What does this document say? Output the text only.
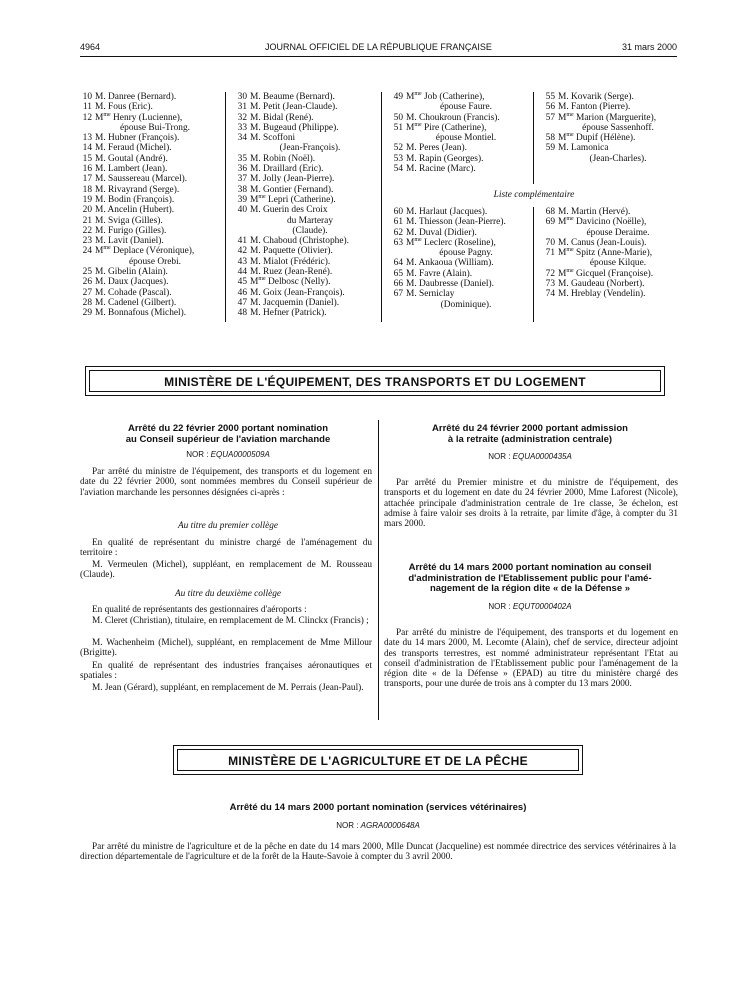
4964	JOURNAL OFFICIEL DE LA RÉPUBLIQUE FRANÇAISE	31 mars 2000
10 M. Danree (Bernard).
11 M. Fous (Eric).
12 $M^{me}$ Henry (Lucienne),
épouse Bui-Trong.
13 M. Hubner (François).
14 M. Feraud (Michel).
15 M. Goutal (André).
16 M. Lambert (Jean).
17 M. Saussereau (Marcel).
18 M. Rivayrand (Serge).
19 M. Bodin (François).
20 M. Ancelin (Hubert).
21 M. Sviga (Gilles).
22 M. Furigo (Gilles).
23 M. Lavit (Daniel).
24 $M^{me}$ Deplace (Véronique),
épouse Orebi.
25 M. Gibelin (Alain).
26 M. Daux (Jacques).
27 M. Cohade (Pascal).
28 M. Cadenel (Gilbert).
29 M. Bonnafous (Michel).
30 M. Beaume (Bernard).
31 M. Petit (Jean-Claude).
32 M. Bidal (René).
33 M. Bugeaud (Philippe).
34 M. Scoffoni
(Jean-François).
35 M. Robin (Noël).
36 M. Draillard (Eric).
37 M. Jolly (Jean-Pierre).
38 M. Gontier (Fernand).
39 $M^{me}$ Lepri (Catherine).
40 M. Guerin des Croix
du Marteray
(Claude).
41 M. Chaboud (Christophe).
42 M. Paquette (Olivier).
43 M. Mialot (Frédéric).
44 M. Ruez (Jean-René).
45 $M^{me}$ Delbosc (Nelly).
46 M. Goix (Jean-François).
47 M. Jacquemin (Daniel).
48 M. Hefner (Patrick).
49 $M^{me}$ Job (Catherine),
épouse Faure.
50 M. Choukroun (Francis).
51 $M^{me}$ Pire (Catherine),
épouse Montiel.
52 M. Peres (Jean).
53 M. Rapin (Georges).
54 M. Racine (Marc).
55 M. Kovarik (Serge).
56 M. Fanton (Pierre).
57 $M^{me}$ Marion (Marguerite),
épouse Sassenhoff.
58 $M^{me}$ Dupif (Hélène).
59 M. Lamonica
(Jean-Charles).
Liste complémentaire
60 M. Harlaut (Jacques).
61 M. Thiesson (Jean-Pierre).
62 M. Duval (Didier).
63 $M^{me}$ Leclerc (Roseline),
épouse Pagny.
64 M. Ankaoua (William).
65 M. Favre (Alain).
66 M. Daubresse (Daniel).
67 M. Serniclay
(Dominique).
68 M. Martin (Hervé).
69 $M^{me}$ Davicino (Noëlle),
épouse Deraime.
70 M. Canus (Jean-Louis).
71 $M^{me}$ Spitz (Anne-Marie),
épouse Kilque.
72 $M^{me}$ Gicquel (Françoise).
73 M. Gaudeau (Norbert).
74 M. Hreblay (Vendelin).
MINISTÈRE DE L'ÉQUIPEMENT, DES TRANSPORTS ET DU LOGEMENT
Arrêté du 22 février 2000 portant nomination
au Conseil supérieur de l'aviation marchande
NOR : EQUA0000509A
Par arrêté du ministre de l'équipement, des transports et du logement en date du 22 février 2000, sont nommées membres du Conseil supérieur de l'aviation marchande les personnes désignées ci-après :
Au titre du premier collège
En qualité de représentant du ministre chargé de l'aménagement du territoire :
M. Vermeulen (Michel), suppléant, en remplacement de M. Rousseau (Claude).
Au titre du deuxième collège
En qualité de représentants des gestionnaires d'aéroports :
M. Cleret (Christian), titulaire, en remplacement de M. Clinckx (Francis) ;
M. Wachenheim (Michel), suppléant, en remplacement de Mme Millour (Brigitte).
En qualité de représentant des industries françaises aéronautiques et spatiales :
M. Jean (Gérard), suppléant, en remplacement de M. Perrais (Jean-Paul).
Arrêté du 24 février 2000 portant admission
à la retraite (administration centrale)
NOR : EQUA0000435A
Par arrêté du Premier ministre et du ministre de l'équipement, des transports et du logement en date du 24 février 2000, Mme Laforest (Nicole), attachée principale d'administration centrale de 1re classe, 3e échelon, est admise à faire valoir ses droits à la retraite, par limite d'âge, à compter du 31 mars 2000.
Arrêté du 14 mars 2000 portant nomination au conseil
d'administration de l'Etablissement public pour l'amé-
nagement de la région dite « de la Défense »
NOR : EQUT0000402A
Par arrêté du ministre de l'équipement, des transports et du logement en date du 14 mars 2000, M. Lecomte (Alain), chef de service, directeur adjoint des transports terrestres, est nommé administrateur représentant l'Etat au conseil d'administration de l'Etablissement public pour l'aménagement de la région dite « de la Défense » (EPAD) au titre du ministère chargé des transports, pour une durée de trois ans à compter du 13 mars 2000.
MINISTÈRE DE L'AGRICULTURE ET DE LA PÊCHE
Arrêté du 14 mars 2000 portant nomination (services vétérinaires)
NOR : AGRA0000648A
Par arrêté du ministre de l'agriculture et de la pêche en date du 14 mars 2000, Mlle Duncat (Jacqueline) est nommée directrice des services vétérinaires à la direction départementale de l'agriculture et de la forêt de la Haute-Savoie à compter du 3 avril 2000.
